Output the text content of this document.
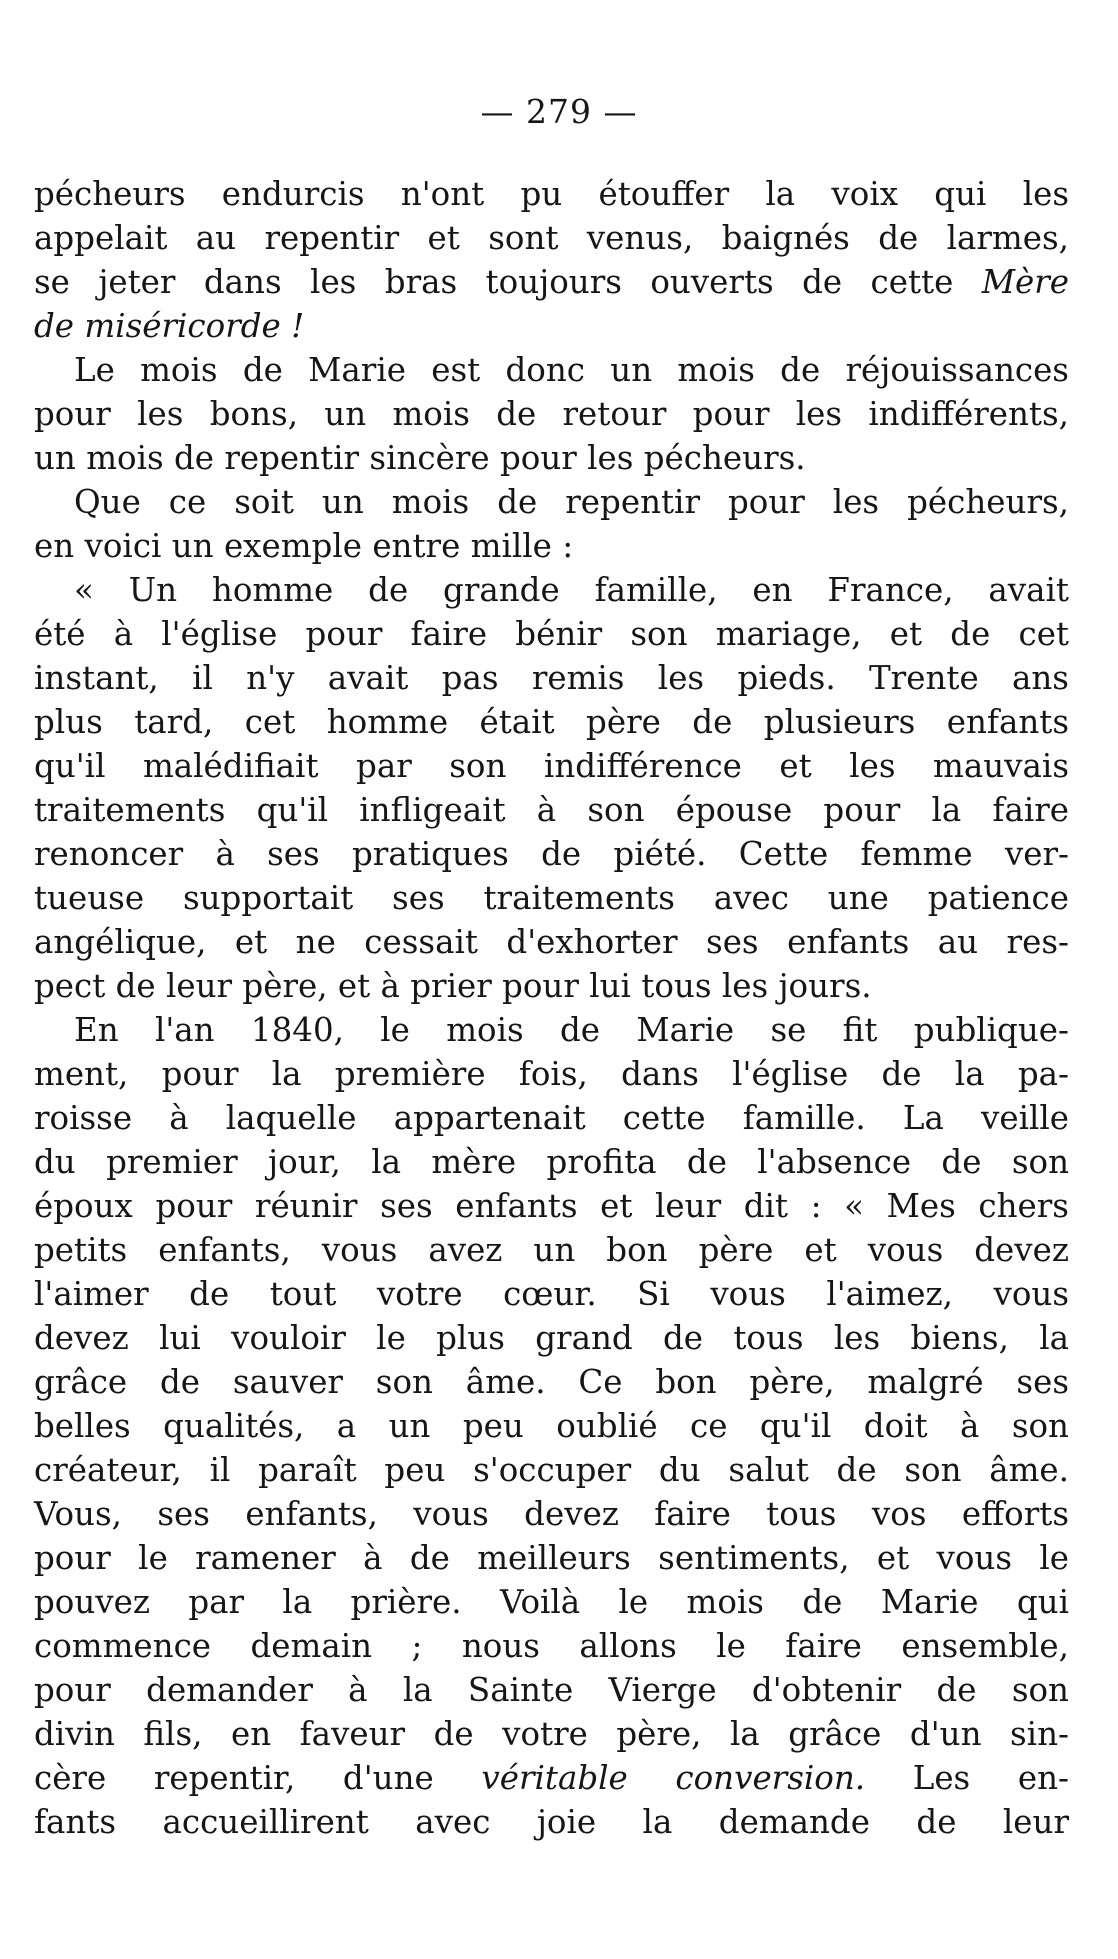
— 279 —
pécheurs endurcis n'ont pu étouffer la voix qui les
appelait au repentir et sont venus, baignés de larmes,
se jeter dans les bras toujours ouverts de cette Mère
de miséricorde !
Le mois de Marie est donc un mois de réjouissances
pour les bons, un mois de retour pour les indifférents,
un mois de repentir sincère pour les pécheurs.
Que ce soit un mois de repentir pour les pécheurs,
en voici un exemple entre mille :
« Un homme de grande famille, en France, avait
été à l'église pour faire bénir son mariage, et de cet
instant, il n'y avait pas remis les pieds. Trente ans
plus tard, cet homme était père de plusieurs enfants
qu'il malédifiait par son indifférence et les mauvais
traitements qu'il infligeait à son épouse pour la faire
renoncer à ses pratiques de piété. Cette femme ver-
tueuse supportait ses traitements avec une patience
angélique, et ne cessait d'exhorter ses enfants au res-
pect de leur père, et à prier pour lui tous les jours.
En l'an 1840, le mois de Marie se fit publique-
ment, pour la première fois, dans l'église de la pa-
roisse à laquelle appartenait cette famille. La veille
du premier jour, la mère profita de l'absence de son
époux pour réunir ses enfants et leur dit : « Mes chers
petits enfants, vous avez un bon père et vous devez
l'aimer de tout votre cœur. Si vous l'aimez, vous
devez lui vouloir le plus grand de tous les biens, la
grâce de sauver son âme. Ce bon père, malgré ses
belles qualités, a un peu oublié ce qu'il doit à son
créateur, il paraît peu s'occuper du salut de son âme.
Vous, ses enfants, vous devez faire tous vos efforts
pour le ramener à de meilleurs sentiments, et vous le
pouvez par la prière. Voilà le mois de Marie qui
commence demain ; nous allons le faire ensemble,
pour demander à la Sainte Vierge d'obtenir de son
divin fils, en faveur de votre père, la grâce d'un sin-
cère repentir, d'une véritable conversion. Les en-
fants accueillirent avec joie la demande de leur
